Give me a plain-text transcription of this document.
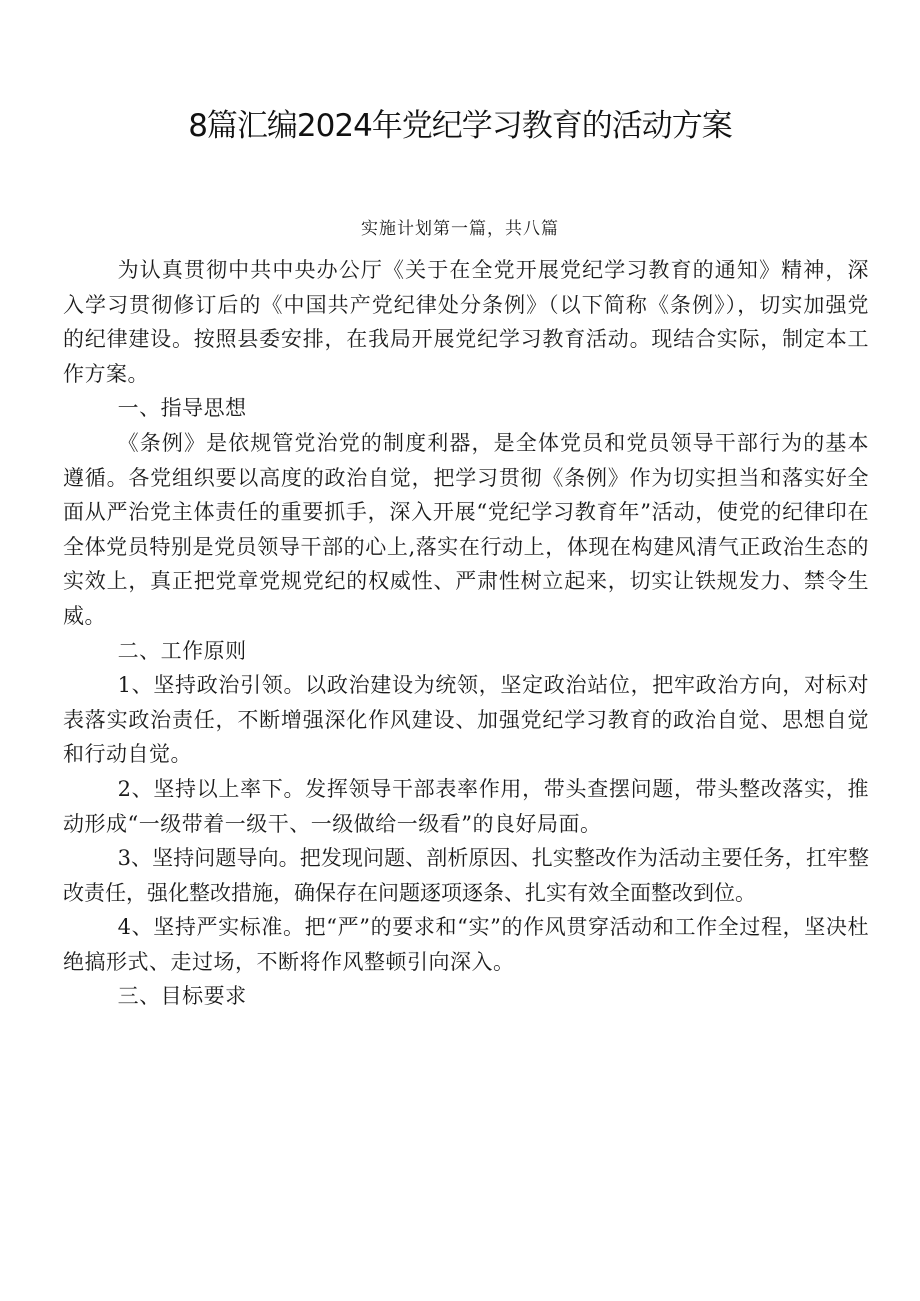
8篇汇编2024年党纪学习教育的活动方案

实施计划第一篇，共八篇

为认真贯彻中共中央办公厅《关于在全党开展党纪学习教育的通知》精神，深入学习贯彻修订后的《中国共产党纪律处分条例》（以下简称《条例》），切实加强党的纪律建设。按照县委安排，在我局开展党纪学习教育活动。现结合实际，制定本工作方案。

一、指导思想

《条例》是依规管党治党的制度利器，是全体党员和党员领导干部行为的基本遵循。各党组织要以高度的政治自觉，把学习贯彻《条例》作为切实担当和落实好全面从严治党主体责任的重要抓手，深入开展“党纪学习教育年”活动，使党的纪律印在全体党员特别是党员领导干部的心上,落实在行动上，体现在构建风清气正政治生态的实效上，真正把党章党规党纪的权威性、严肃性树立起来，切实让铁规发力、禁令生威。

二、工作原则

1、坚持政治引领。以政治建设为统领，坚定政治站位，把牢政治方向，对标对表落实政治责任，不断增强深化作风建设、加强党纪学习教育的政治自觉、思想自觉和行动自觉。

2、坚持以上率下。发挥领导干部表率作用，带头查摆问题，带头整改落实，推动形成“一级带着一级干、一级做给一级看”的良好局面。

3、坚持问题导向。把发现问题、剖析原因、扎实整改作为活动主要任务，扛牢整改责任，强化整改措施，确保存在问题逐项逐条、扎实有效全面整改到位。

4、坚持严实标准。把“严”的要求和“实”的作风贯穿活动和工作全过程，坚决杜绝搞形式、走过场，不断将作风整顿引向深入。

三、目标要求
